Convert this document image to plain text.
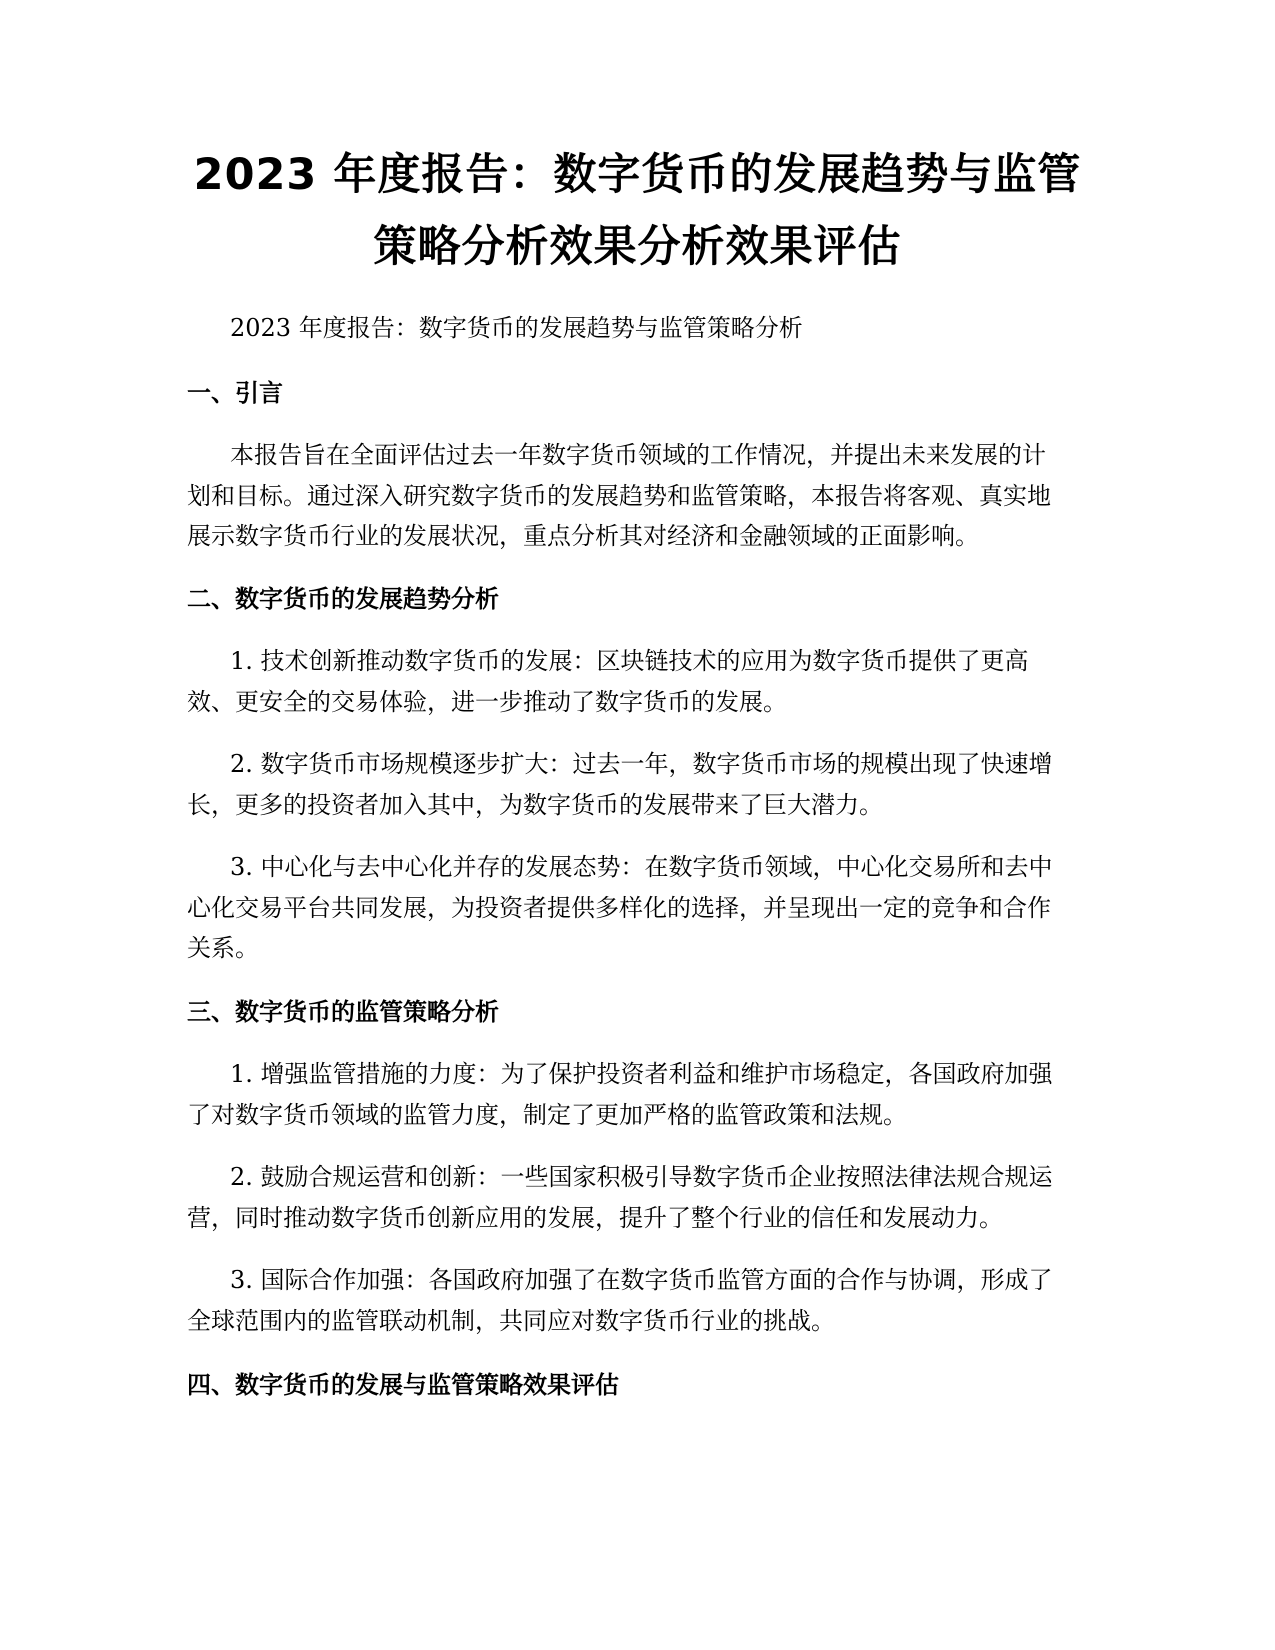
2023 年度报告：数字货币的发展趋势与监管
策略分析效果分析效果评估

2023 年度报告：数字货币的发展趋势与监管策略分析

一、引言

本报告旨在全面评估过去一年数字货币领域的工作情况，并提出未来发展的计

划和目标。通过深入研究数字货币的发展趋势和监管策略，本报告将客观、真实地

展示数字货币行业的发展状况，重点分析其对经济和金融领域的正面影响。

二、数字货币的发展趋势分析

1. 技术创新推动数字货币的发展：区块链技术的应用为数字货币提供了更高

效、更安全的交易体验，进一步推动了数字货币的发展。

2. 数字货币市场规模逐步扩大：过去一年，数字货币市场的规模出现了快速增

长，更多的投资者加入其中，为数字货币的发展带来了巨大潜力。

3. 中心化与去中心化并存的发展态势：在数字货币领域，中心化交易所和去中

心化交易平台共同发展，为投资者提供多样化的选择，并呈现出一定的竞争和合作

关系。

三、数字货币的监管策略分析

1. 增强监管措施的力度：为了保护投资者利益和维护市场稳定，各国政府加强

了对数字货币领域的监管力度，制定了更加严格的监管政策和法规。

2. 鼓励合规运营和创新：一些国家积极引导数字货币企业按照法律法规合规运

营，同时推动数字货币创新应用的发展，提升了整个行业的信任和发展动力。

3. 国际合作加强：各国政府加强了在数字货币监管方面的合作与协调，形成了

全球范围内的监管联动机制，共同应对数字货币行业的挑战。

四、数字货币的发展与监管策略效果评估
